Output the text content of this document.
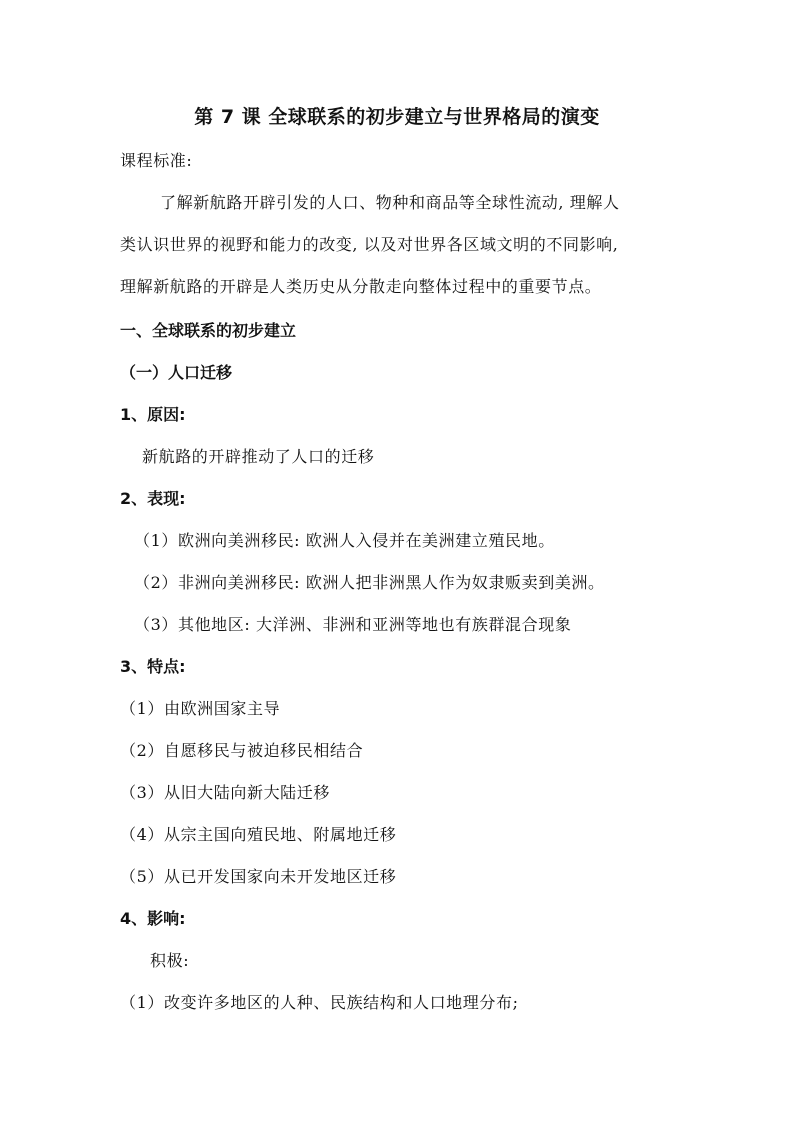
第 7 课 全球联系的初步建立与世界格局的演变
课程标准:
了解新航路开辟引发的人口、物种和商品等全球性流动, 理解人
类认识世界的视野和能力的改变, 以及对世界各区域文明的不同影响,
理解新航路的开辟是人类历史从分散走向整体过程中的重要节点。
一、全球联系的初步建立
（一）人口迁移
1、原因:
新航路的开辟推动了人口的迁移
2、表现:
（1）欧洲向美洲移民: 欧洲人入侵并在美洲建立殖民地。
（2）非洲向美洲移民: 欧洲人把非洲黑人作为奴隶贩卖到美洲。
（3）其他地区: 大洋洲、非洲和亚洲等地也有族群混合现象
3、特点:
（1）由欧洲国家主导
（2）自愿移民与被迫移民相结合
（3）从旧大陆向新大陆迁移
（4）从宗主国向殖民地、附属地迁移
（5）从已开发国家向未开发地区迁移
4、影响:
积极:
（1）改变许多地区的人种、民族结构和人口地理分布;
